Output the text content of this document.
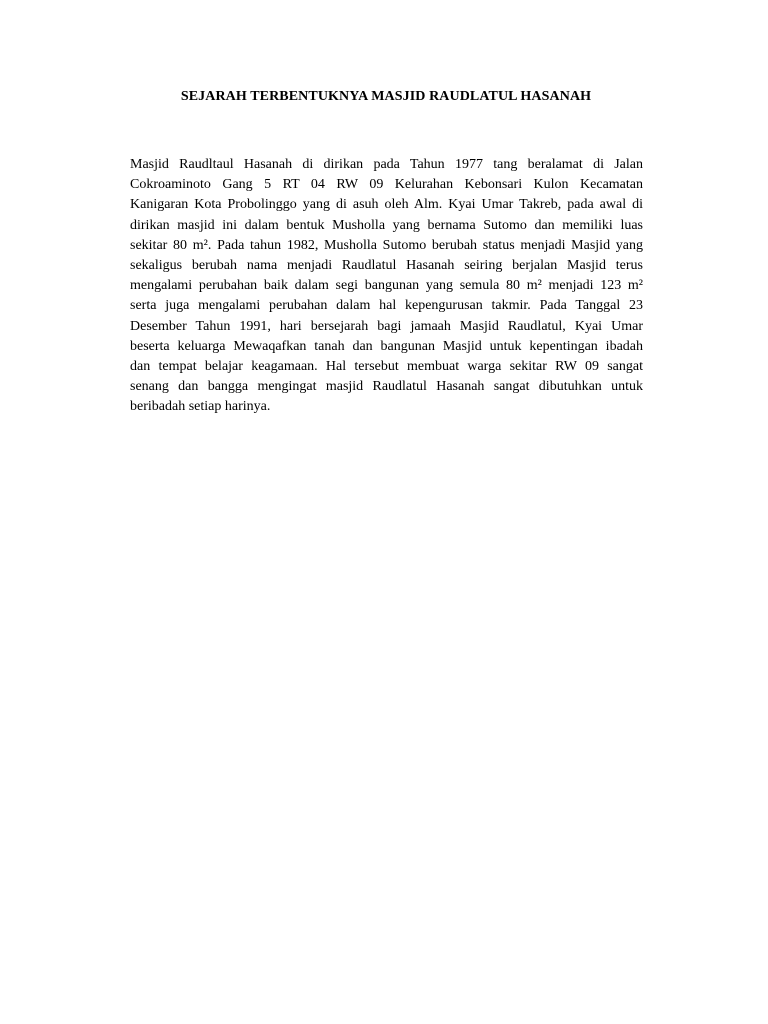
SEJARAH TERBENTUKNYA MASJID RAUDLATUL HASANAH
Masjid Raudltaul Hasanah di dirikan pada Tahun 1977 tang beralamat di Jalan
Cokroaminoto Gang 5 RT 04 RW 09 Kelurahan Kebonsari Kulon Kecamatan
Kanigaran Kota Probolinggo yang di asuh oleh Alm. Kyai Umar Takreb, pada awal di
dirikan masjid ini dalam bentuk Musholla yang bernama Sutomo dan memiliki luas
sekitar 80 m². Pada tahun 1982, Musholla Sutomo berubah status menjadi Masjid yang
sekaligus berubah nama menjadi Raudlatul Hasanah seiring berjalan Masjid terus
mengalami perubahan baik dalam segi bangunan yang semula 80 m² menjadi 123 m²
serta juga mengalami perubahan dalam hal kepengurusan takmir. Pada Tanggal 23
Desember Tahun 1991, hari bersejarah bagi jamaah Masjid Raudlatul, Kyai Umar
beserta keluarga Mewaqafkan tanah dan bangunan Masjid untuk kepentingan ibadah
dan tempat belajar keagamaan. Hal tersebut membuat warga sekitar RW 09 sangat
senang dan bangga mengingat masjid Raudlatul Hasanah sangat dibutuhkan untuk
beribadah setiap harinya.
